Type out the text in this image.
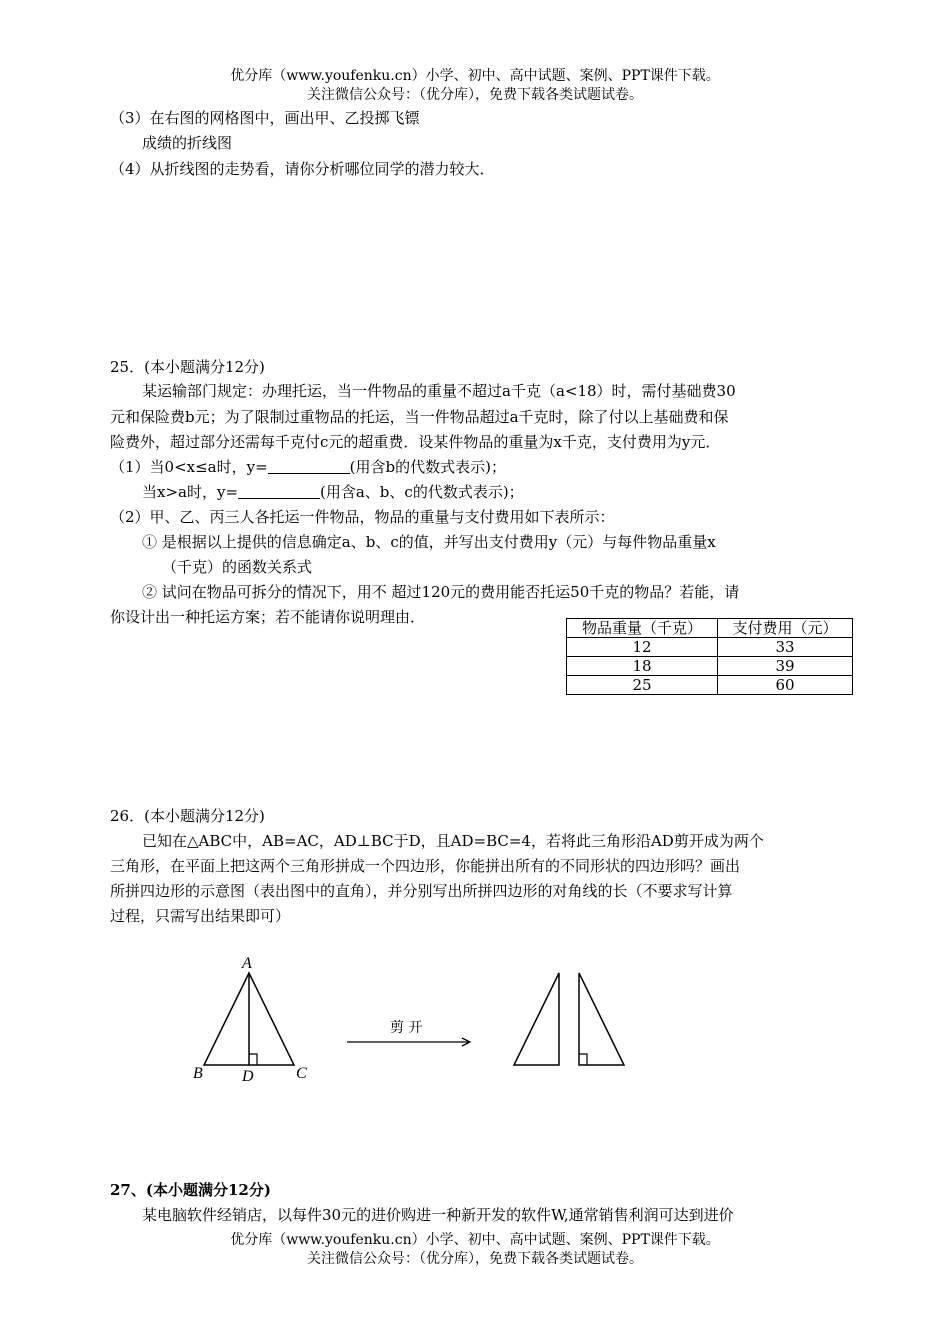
优分库（www.youfenku.cn）小学、初中、高中试题、案例、PPT课件下载。
关注微信公众号：（优分库），免费下载各类试题试卷。
（3）在右图的网格图中，画出甲、乙投掷飞镖
成绩的折线图
（4）从折线图的走势看，请你分析哪位同学的潜力较大．
25．(本小题满分12分)
某运输部门规定：办理托运，当一件物品的重量不超过a千克（a<18）时，需付基础费30
元和保险费b元；为了限制过重物品的托运，当一件物品超过a千克时，除了付以上基础费和保
险费外，超过部分还需每千克付c元的超重费．设某件物品的重量为x千克，支付费用为y元．
（1）当0<x≤a时，y=	(用含b的代数式表示)；
当x>a时，y=	(用含a、b、c的代数式表示)；
（2）甲、乙、丙三人各托运一件物品，物品的重量与支付费用如下表所示：
① 是根据以上提供的信息确定a、b、c的值，并写出支付费用y（元）与每件物品重量x
（千克）的函数关系式
② 试问在物品可拆分的情况下，用不 超过120元的费用能否托运50千克的物品？若能，请
你设计出一种托运方案；若不能请你说明理由．
物品重量（千克）	支付费用（元）
12	33
18	39
25	60
26．(本小题满分12分)
已知在△ABC中，AB=AC，AD⊥BC于D，且AD=BC=4，若将此三角形沿AD剪开成为两个
三角形，在平面上把这两个三角形拼成一个四边形，你能拼出所有的不同形状的四边形吗？画出
所拼四边形的示意图（表出图中的直角），并分别写出所拼四边形的对角线的长（不要求写计算
过程，只需写出结果即可）
A
B	C
D
剪 开
27、(本小题满分12分)
某电脑软件经销店，以每件30元的进价购进一种新开发的软件W,通常销售利润可达到进价
优分库（www.youfenku.cn）小学、初中、高中试题、案例、PPT课件下载。
关注微信公众号：（优分库），免费下载各类试题试卷。
